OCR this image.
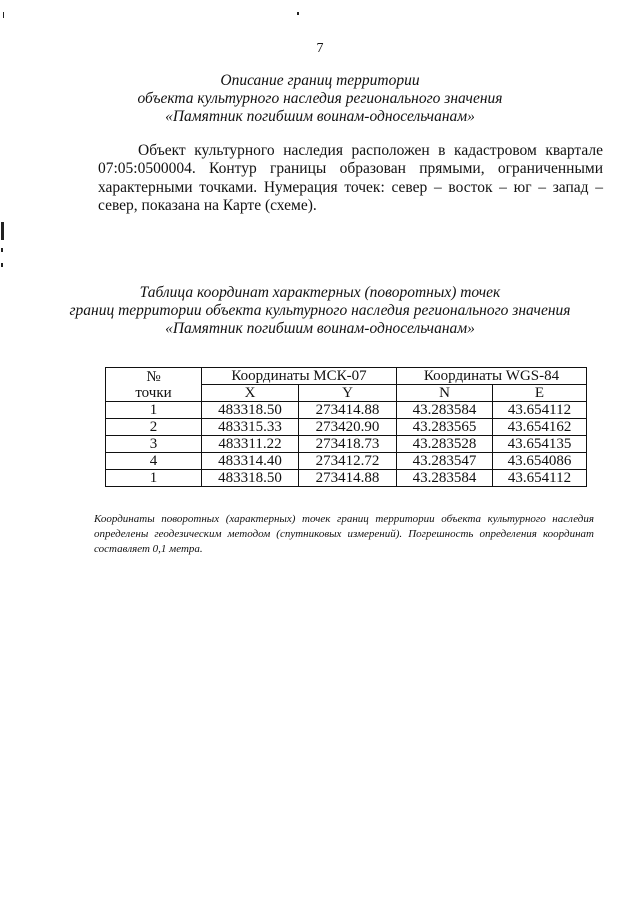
7
Описание границ территории
объекта культурного наследия регионального значения
«Памятник погибшим воинам-односельчанам»

Объект культурного наследия расположен в кадастровом квартале 07:05:0500004. Контур границы образован прямыми, ограниченными характерными точками. Нумерация точек: север – восток – юг – запад – север, показана на Карте (схеме).

Таблица координат характерных (поворотных) точек
границ территории объекта культурного наследия регионального значения
«Памятник погибшим воинам-односельчанам»
№
точки	Координаты МСК-07		Координаты WGS-84	
	X	Y	N	E
1	483318.50	273414.88	43.283584	43.654112
2	483315.33	273420.90	43.283565	43.654162
3	483311.22	273418.73	43.283528	43.654135
4	483314.40	273412.72	43.283547	43.654086
1	483318.50	273414.88	43.283584	43.654112

Координаты поворотных (характерных) точек границ территории объекта культурного наследия определены геодезическим методом (спутниковых измерений). Погрешность определения координат составляет 0,1 метра.
